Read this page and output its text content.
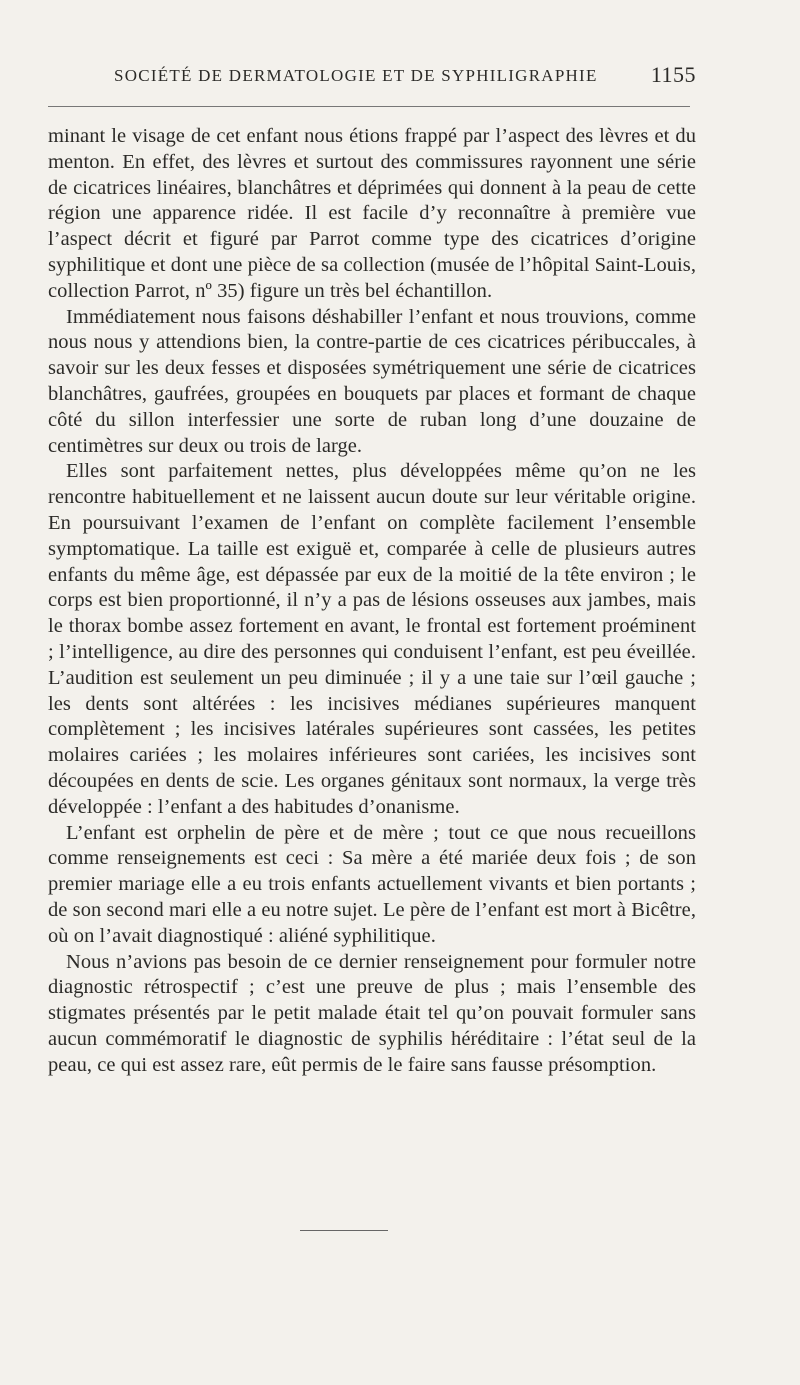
SOCIÉTÉ DE DERMATOLOGIE ET DE SYPHILIGRAPHIE 1155

minant le visage de cet enfant nous étions frappé par l’aspect des lèvres et du menton. En effet, des lèvres et surtout des commissures rayonnent une série de cicatrices linéaires, blanchâtres et déprimées qui donnent à la peau de cette région une apparence ridée. Il est facile d’y reconnaître à première vue l’aspect décrit et figuré par Parrot comme type des cicatrices d’origine syphilitique et dont une pièce de sa collection (musée de l’hôpital Saint-Louis, collection Parrot, nº 35) figure un très bel échantillon.

Immédiatement nous faisons déshabiller l’enfant et nous trouvions, comme nous nous y attendions bien, la contre-partie de ces cicatrices péribuccales, à savoir sur les deux fesses et disposées symétriquement une série de cicatrices blanchâtres, gaufrées, groupées en bouquets par places et formant de chaque côté du sillon interfessier une sorte de ruban long d’une douzaine de centimètres sur deux ou trois de large.

Elles sont parfaitement nettes, plus développées même qu’on ne les rencontre habituellement et ne laissent aucun doute sur leur véritable origine. En poursuivant l’examen de l’enfant on complète facilement l’ensemble symptomatique. La taille est exiguë et, comparée à celle de plusieurs autres enfants du même âge, est dépassée par eux de la moitié de la tête environ ; le corps est bien proportionné, il n’y a pas de lésions osseuses aux jambes, mais le thorax bombe assez fortement en avant, le frontal est fortement proéminent ; l’intelligence, au dire des personnes qui conduisent l’enfant, est peu éveillée. L’audition est seulement un peu diminuée ; il y a une taie sur l’œil gauche ; les dents sont altérées : les incisives médianes supérieures manquent complètement ; les incisives latérales supérieures sont cassées, les petites molaires cariées ; les molaires inférieures sont cariées, les incisives sont découpées en dents de scie. Les organes génitaux sont normaux, la verge très développée : l’enfant a des habitudes d’onanisme.

L’enfant est orphelin de père et de mère ; tout ce que nous recueillons comme renseignements est ceci : Sa mère a été mariée deux fois ; de son premier mariage elle a eu trois enfants actuellement vivants et bien portants ; de son second mari elle a eu notre sujet. Le père de l’enfant est mort à Bicêtre, où on l’avait diagnostiqué : aliéné syphilitique.

Nous n’avions pas besoin de ce dernier renseignement pour formuler notre diagnostic rétrospectif ; c’est une preuve de plus ; mais l’ensemble des stigmates présentés par le petit malade était tel qu’on pouvait formuler sans aucun commémoratif le diagnostic de syphilis héréditaire : l’état seul de la peau, ce qui est assez rare, eût permis de le faire sans fausse présomption.
